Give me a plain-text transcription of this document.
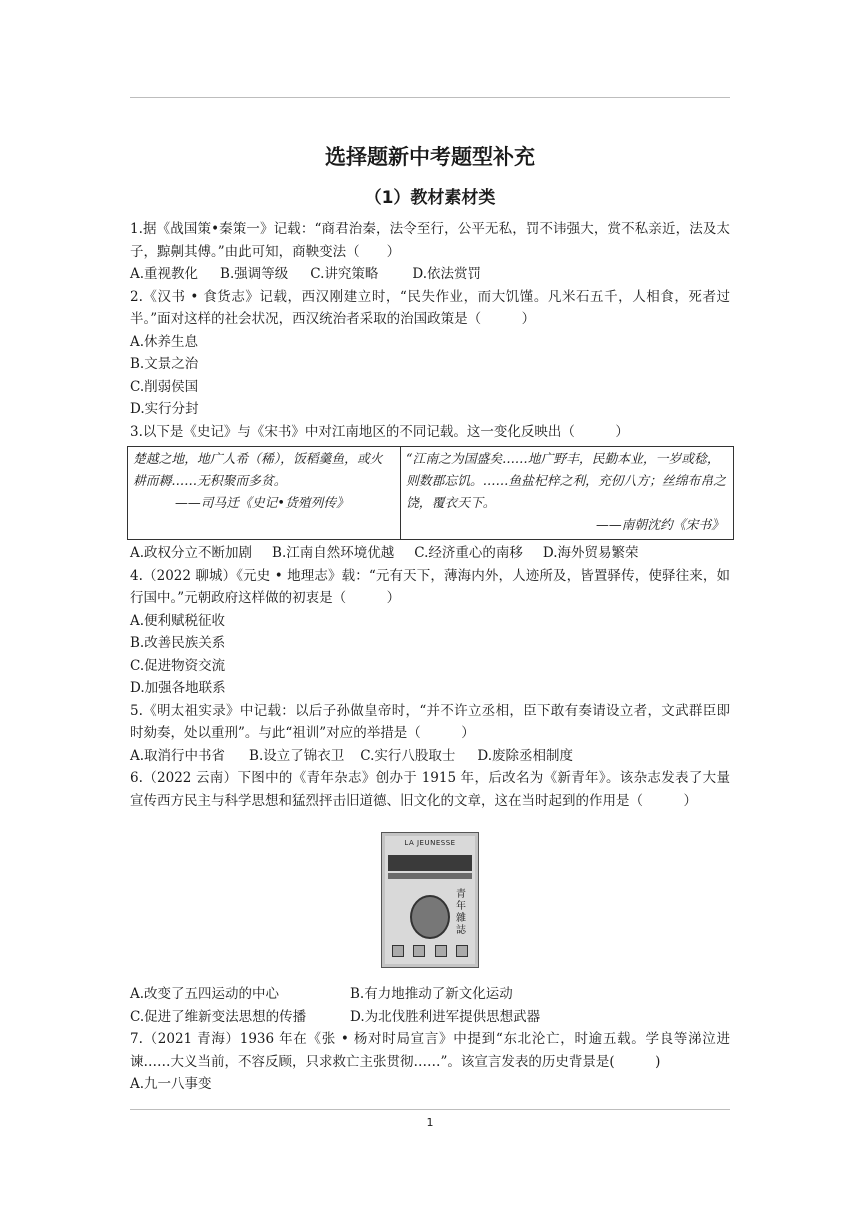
选择题新中考题型补充
（1）教材素材类

1.据《战国策•秦策一》记载：“商君治秦，法令至行，公平无私，罚不讳强大，赏不私亲近，法及太子，黥劓其傅。”由此可知，商鞅变法（　　）

A.重视教化 B.强调等级 C.讲究策略	D.依法赏罚

2.《汉书 • 食货志》记载，西汉刚建立时，“民失作业，而大饥馑。凡米石五千，人相食，死者过半。”面对这样的社会状况，西汉统治者采取的治国政策是（　　　）

A.休养生息

B.文景之治

C.削弱侯国

D.实行分封

3.以下是《史记》与《宋书》中对江南地区的不同记载。这一变化反映出（　　　）

楚越之地，地广人希（稀），饭稻羹鱼，或火耕而耨……无积聚而多贫。
——司马迁《史记•货殖列传》

“江南之为国盛矣……地广野丰，民勤本业，一岁或稔，则数郡忘饥。……鱼盐杞梓之利，充仞八方；丝绵布帛之饶，覆衣天下。
——南朝沈约《宋书》
A.政权分立不断加剧 B.江南自然环境优越 C.经济重心的南移 D.海外贸易繁荣

4.（2022 聊城）《元史 • 地理志》载：“元有天下，薄海内外，人迹所及，皆置驿传，使驿往来，如行国中。”元朝政府这样做的初衷是（　　　）

A.便利赋税征收

B.改善民族关系

C.促进物资交流

D.加强各地联系

5.《明太祖实录》中记载：以后子孙做皇帝时，“并不许立丞相，臣下敢有奏请设立者，文武群臣即时劾奏，处以重刑”。与此“祖训”对应的举措是（　　　）

A.取消行中书省 B.设立了锦衣卫 C.实行八股取士 D.废除丞相制度

6.（2022 云南）下图中的《青年杂志》创办于 1915 年，后改名为《新青年》。该杂志发表了大量宣传西方民主与科学思想和猛烈抨击旧道德、旧文化的文章，这在当时起到的作用是（　　　）

LA JEUNESSE
青年雜誌
A.改变了五四运动的中心	B.有力地推动了新文化运动
C.促进了维新变法思想的传播	D.为北伐胜利进军提供思想武器

7.（2021 青海）1936 年在《张 • 杨对时局宣言》中提到“东北沦亡，时逾五载。学良等涕泣进谏……大义当前，不容反顾，只求救亡主张贯彻……”。该宣言发表的历史背景是(　　　)

A.九一八事变

1
